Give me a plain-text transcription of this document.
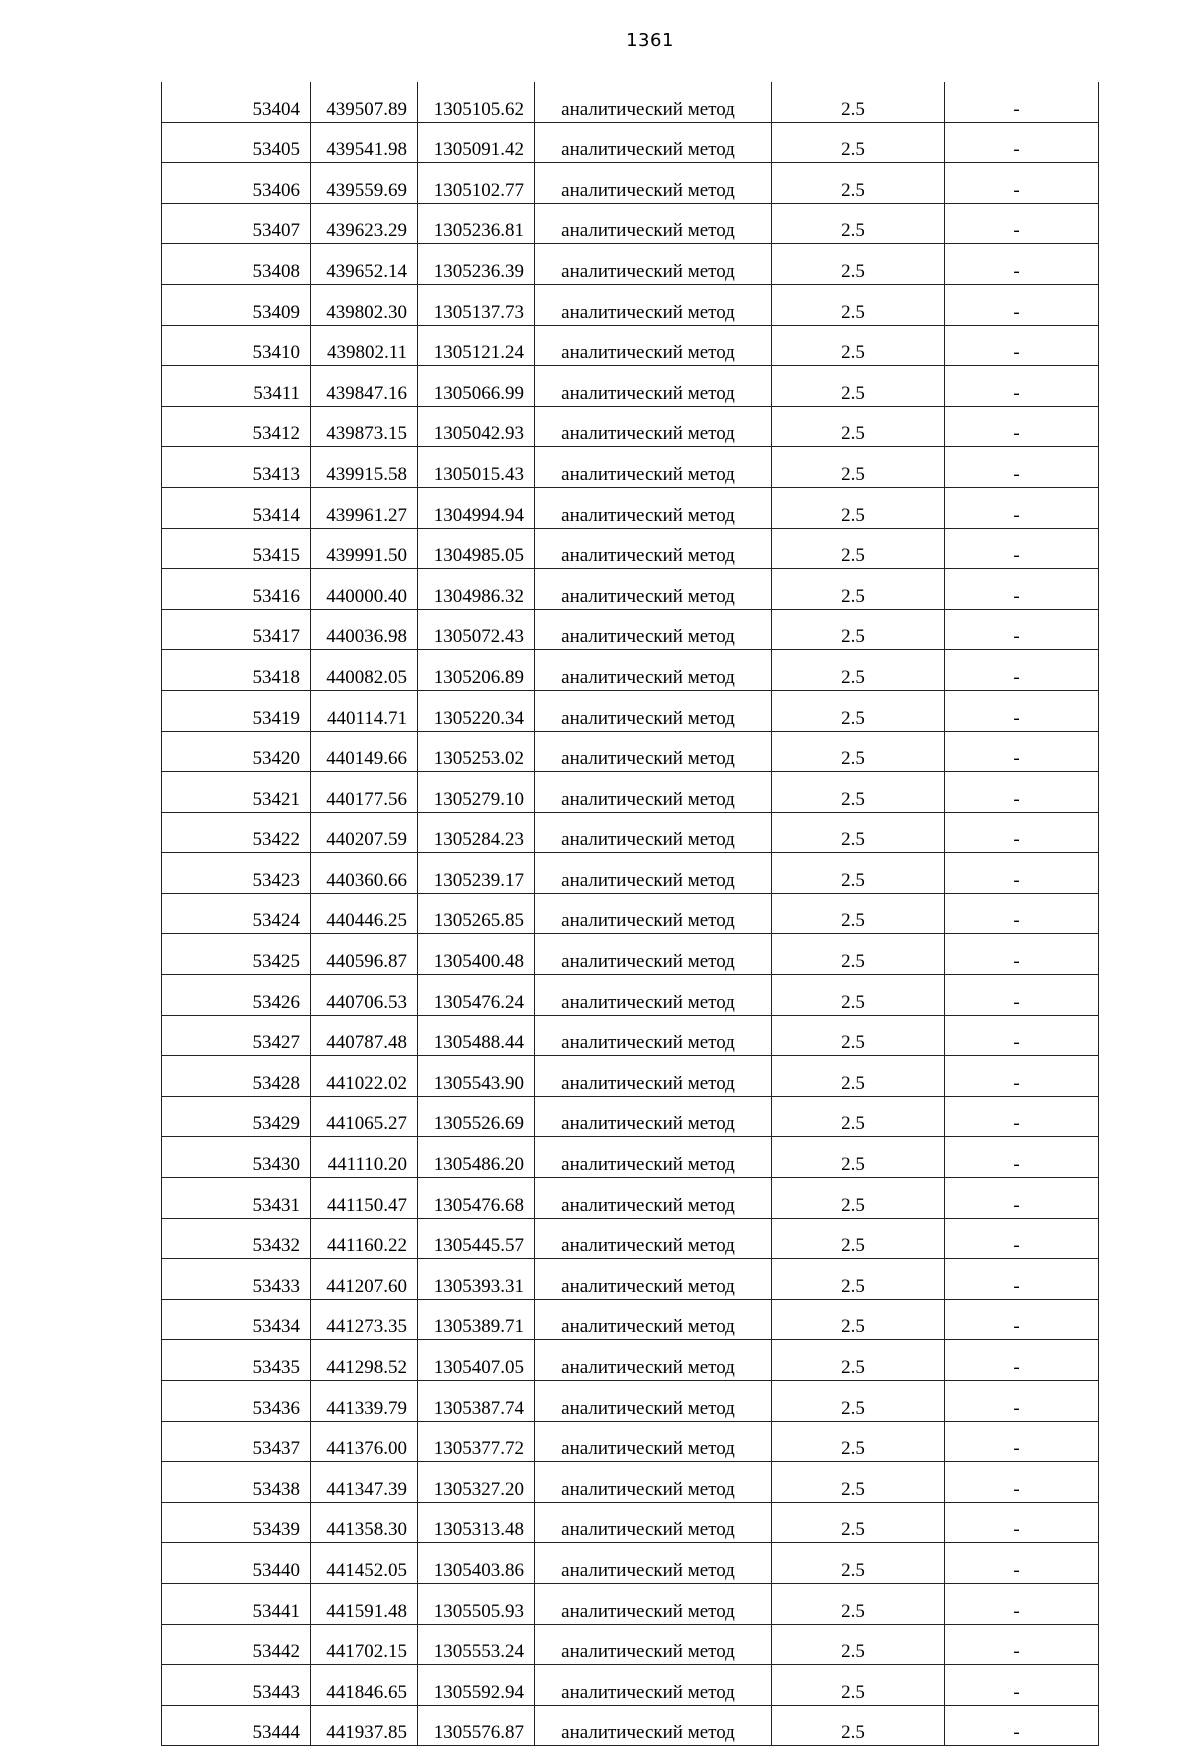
1361
53404	439507.89	1305105.62	аналитический метод	2.5	-
53405	439541.98	1305091.42	аналитический метод	2.5	-
53406	439559.69	1305102.77	аналитический метод	2.5	-
53407	439623.29	1305236.81	аналитический метод	2.5	-
53408	439652.14	1305236.39	аналитический метод	2.5	-
53409	439802.30	1305137.73	аналитический метод	2.5	-
53410	439802.11	1305121.24	аналитический метод	2.5	-
53411	439847.16	1305066.99	аналитический метод	2.5	-
53412	439873.15	1305042.93	аналитический метод	2.5	-
53413	439915.58	1305015.43	аналитический метод	2.5	-
53414	439961.27	1304994.94	аналитический метод	2.5	-
53415	439991.50	1304985.05	аналитический метод	2.5	-
53416	440000.40	1304986.32	аналитический метод	2.5	-
53417	440036.98	1305072.43	аналитический метод	2.5	-
53418	440082.05	1305206.89	аналитический метод	2.5	-
53419	440114.71	1305220.34	аналитический метод	2.5	-
53420	440149.66	1305253.02	аналитический метод	2.5	-
53421	440177.56	1305279.10	аналитический метод	2.5	-
53422	440207.59	1305284.23	аналитический метод	2.5	-
53423	440360.66	1305239.17	аналитический метод	2.5	-
53424	440446.25	1305265.85	аналитический метод	2.5	-
53425	440596.87	1305400.48	аналитический метод	2.5	-
53426	440706.53	1305476.24	аналитический метод	2.5	-
53427	440787.48	1305488.44	аналитический метод	2.5	-
53428	441022.02	1305543.90	аналитический метод	2.5	-
53429	441065.27	1305526.69	аналитический метод	2.5	-
53430	441110.20	1305486.20	аналитический метод	2.5	-
53431	441150.47	1305476.68	аналитический метод	2.5	-
53432	441160.22	1305445.57	аналитический метод	2.5	-
53433	441207.60	1305393.31	аналитический метод	2.5	-
53434	441273.35	1305389.71	аналитический метод	2.5	-
53435	441298.52	1305407.05	аналитический метод	2.5	-
53436	441339.79	1305387.74	аналитический метод	2.5	-
53437	441376.00	1305377.72	аналитический метод	2.5	-
53438	441347.39	1305327.20	аналитический метод	2.5	-
53439	441358.30	1305313.48	аналитический метод	2.5	-
53440	441452.05	1305403.86	аналитический метод	2.5	-
53441	441591.48	1305505.93	аналитический метод	2.5	-
53442	441702.15	1305553.24	аналитический метод	2.5	-
53443	441846.65	1305592.94	аналитический метод	2.5	-
53444	441937.85	1305576.87	аналитический метод	2.5	-
